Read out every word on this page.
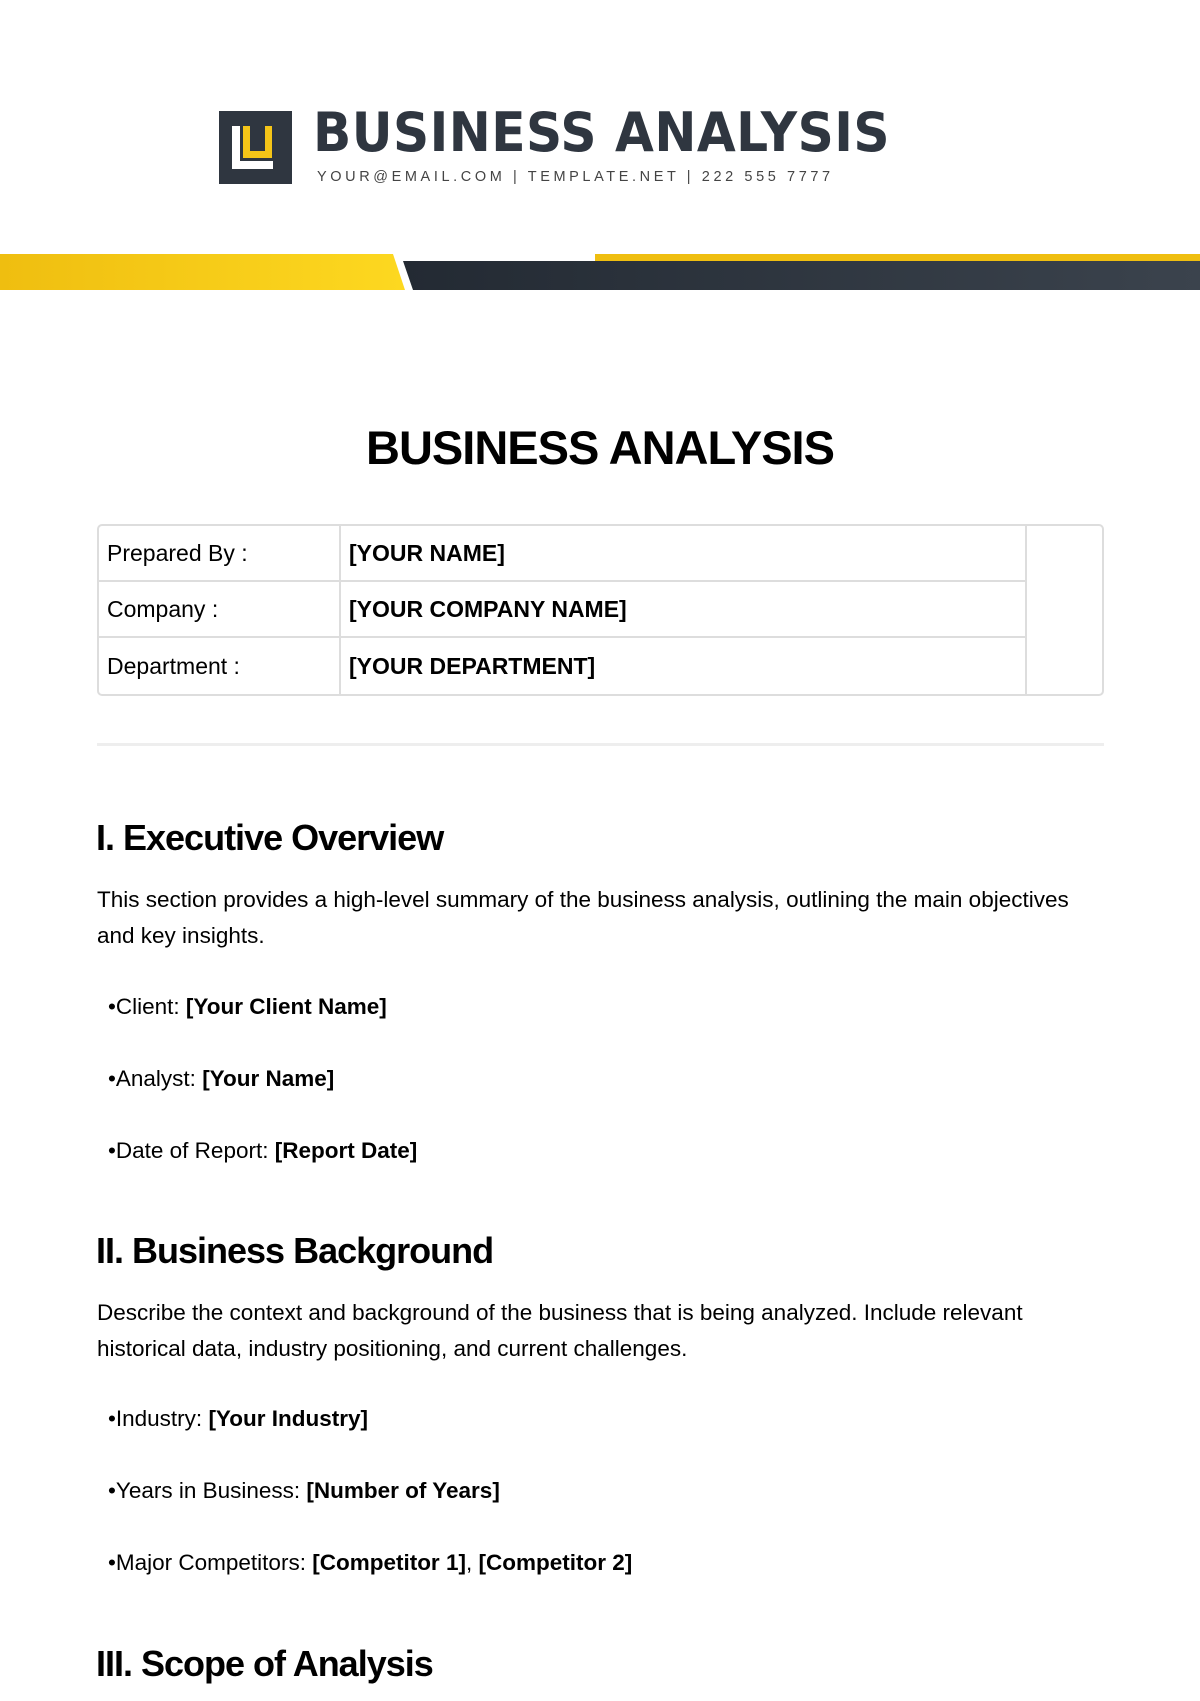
BUSINESS ANALYSIS
YOUR@EMAIL.COM | TEMPLATE.NET | 222 555 7777
BUSINESS ANALYSIS
Prepared By :	[YOUR NAME]	
Company :	[YOUR COMPANY NAME]	
Department :	[YOUR DEPARTMENT]	
I. Executive Overview

This section provides a high-level summary of the business analysis, outlining the main objectives and key insights.

•Client: [Your Client Name]
•Analyst: [Your Name]
•Date of Report: [Report Date]
II. Business Background

Describe the context and background of the business that is being analyzed. Include relevant historical data, industry positioning, and current challenges.

•Industry: [Your Industry]
•Years in Business: [Number of Years]
•Major Competitors: [Competitor 1], [Competitor 2]
III. Scope of Analysis
